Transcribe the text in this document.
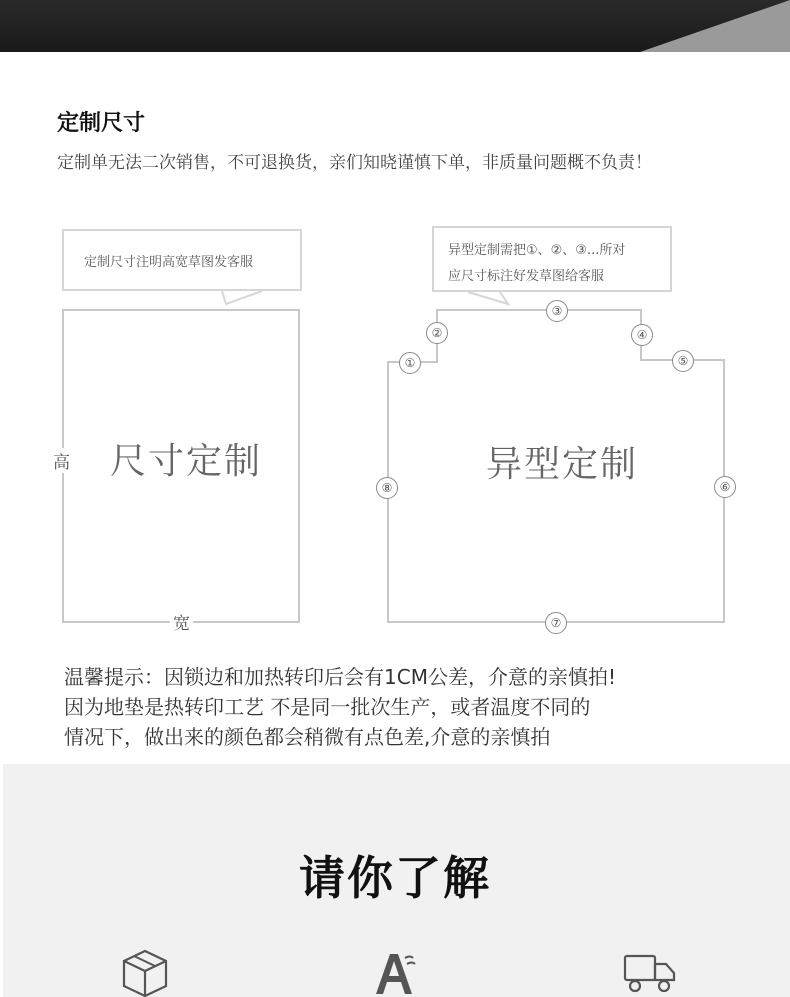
定制尺寸
定制单无法二次销售，不可退换货，亲们知晓谨慎下单，非质量问题概不负责！
定制尺寸注明高宽草图发客服
异型定制需把①、②、③...所对
应尺寸标注好发草图给客服
尺寸定制
高
宽
异型定制
①
②
③
④
⑤
⑥
⑦
⑧
温馨提示：因锁边和加热转印后会有1CM公差，介意的亲慎拍!
因为地垫是热转印工艺 不是同一批次生产，或者温度不同的
情况下，做出来的颜色都会稍微有点色差,介意的亲慎拍
请你了解
